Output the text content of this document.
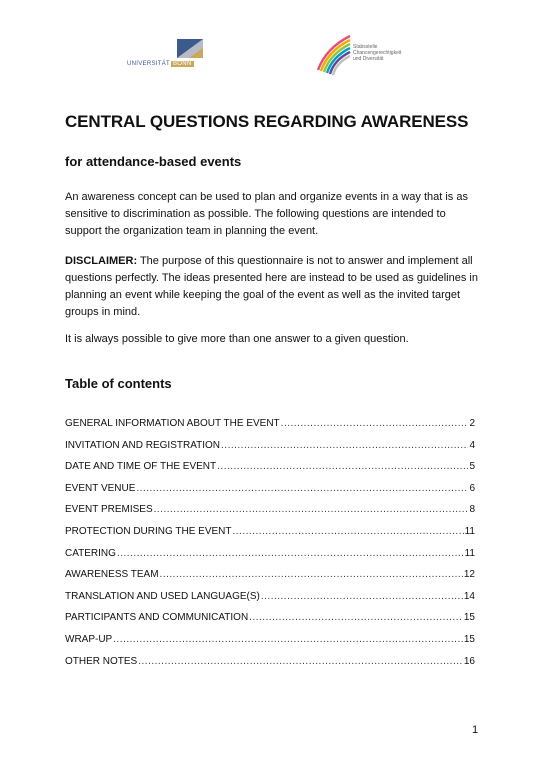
UNIVERSITÄT BONN
Stabsstelle
Chancengerechtigkeit
und Diversität
CENTRAL QUESTIONS REGARDING AWARENESS
for attendance-based events

An awareness concept can be used to plan and organize events in a way that is as sensitive to discrimination as possible. The following questions are intended to support the organization team in planning the event.

DISCLAIMER: The purpose of this questionnaire is not to answer and implement all questions perfectly. The ideas presented here are instead to be used as guidelines in planning an event while keeping the goal of the event as well as the invited target groups in mind.

It is always possible to give more than one answer to a given question.

Table of contents
GENERAL INFORMATION ABOUT THE EVENT .....	2
INVITATION AND REGISTRATION .....	4
DATE AND TIME OF THE EVENT .....	5
EVENT VENUE .....	6
EVENT PREMISES .....	8
PROTECTION DURING THE EVENT .....	11
CATERING .....	11
AWARENESS TEAM .....	12
TRANSLATION AND USED LANGUAGE(S) .....	14
PARTICIPANTS AND COMMUNICATION .....	15
WRAP-UP .....	15
OTHER NOTES .....	16
1
